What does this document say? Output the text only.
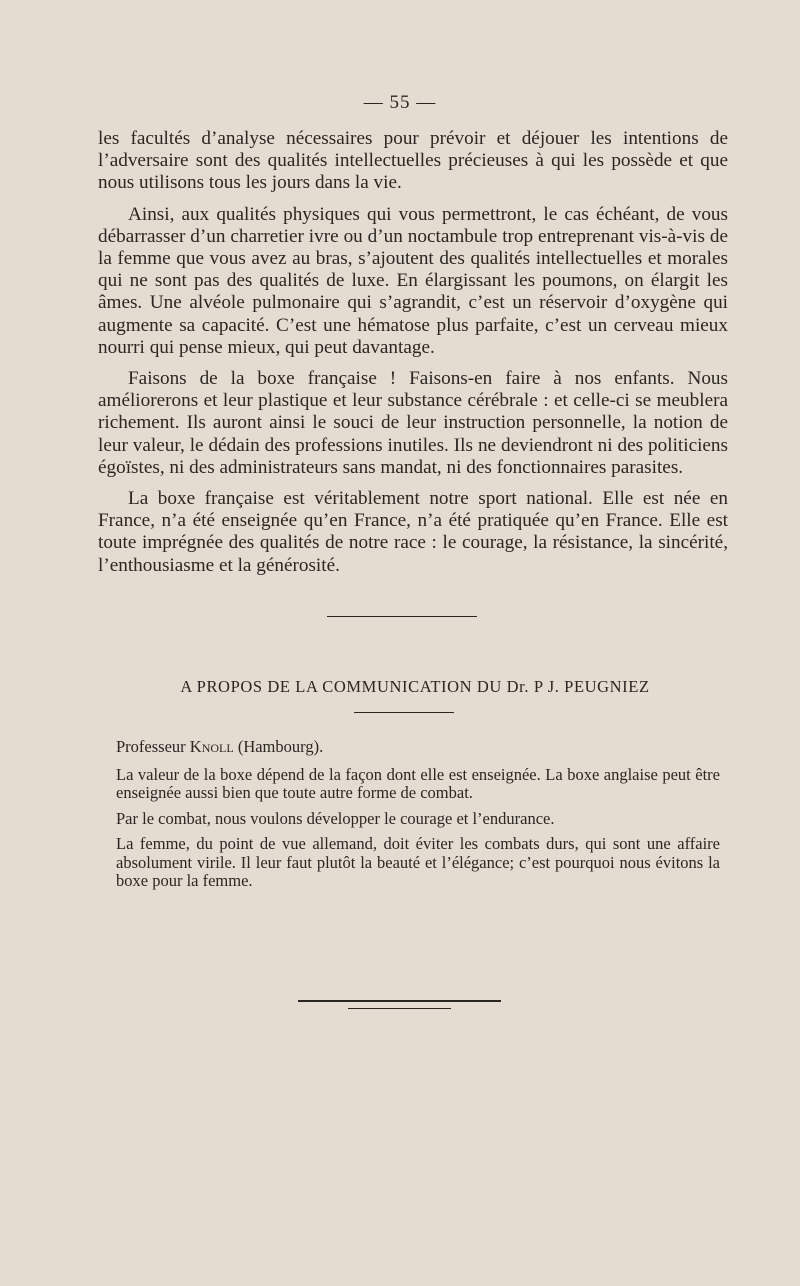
— 55 —

les facultés d’analyse nécessaires pour prévoir et déjouer les intentions de l’adversaire sont des qualités intellectuelles précieuses à qui les possède et que nous utilisons tous les jours dans la vie.

Ainsi, aux qualités physiques qui vous permettront, le cas échéant, de vous débarrasser d’un charretier ivre ou d’un noctambule trop entreprenant vis-à-vis de la femme que vous avez au bras, s’ajoutent des qualités intellectuelles et morales qui ne sont pas des qualités de luxe. En élargissant les poumons, on élargit les âmes. Une alvéole pulmonaire qui s’agrandit, c’est un réservoir d’oxygène qui augmente sa capacité. C’est une hématose plus parfaite, c’est un cerveau mieux nourri qui pense mieux, qui peut davantage.

Faisons de la boxe française ! Faisons-en faire à nos enfants. Nous améliorerons et leur plastique et leur substance cérébrale : et celle-ci se meublera richement. Ils auront ainsi le souci de leur instruction personnelle, la notion de leur valeur, le dédain des professions inutiles. Ils ne deviendront ni des politiciens égoïstes, ni des administrateurs sans mandat, ni des fonctionnaires parasites.

La boxe française est véritablement notre sport national. Elle est née en France, n’a été enseignée qu’en France, n’a été pratiquée qu’en France. Elle est toute imprégnée des qualités de notre race : le courage, la résistance, la sincérité, l’enthousiasme et la générosité.

A PROPOS DE LA COMMUNICATION DU Dr. P J. PEUGNIEZ

Professeur Knoll (Hambourg).

La valeur de la boxe dépend de la façon dont elle est enseignée. La boxe anglaise peut être enseignée aussi bien que toute autre forme de combat.

Par le combat, nous voulons développer le courage et l’endurance.

La femme, du point de vue allemand, doit éviter les combats durs, qui sont une affaire absolument virile. Il leur faut plutôt la beauté et l’élégance; c’est pourquoi nous évitons la boxe pour la femme.
